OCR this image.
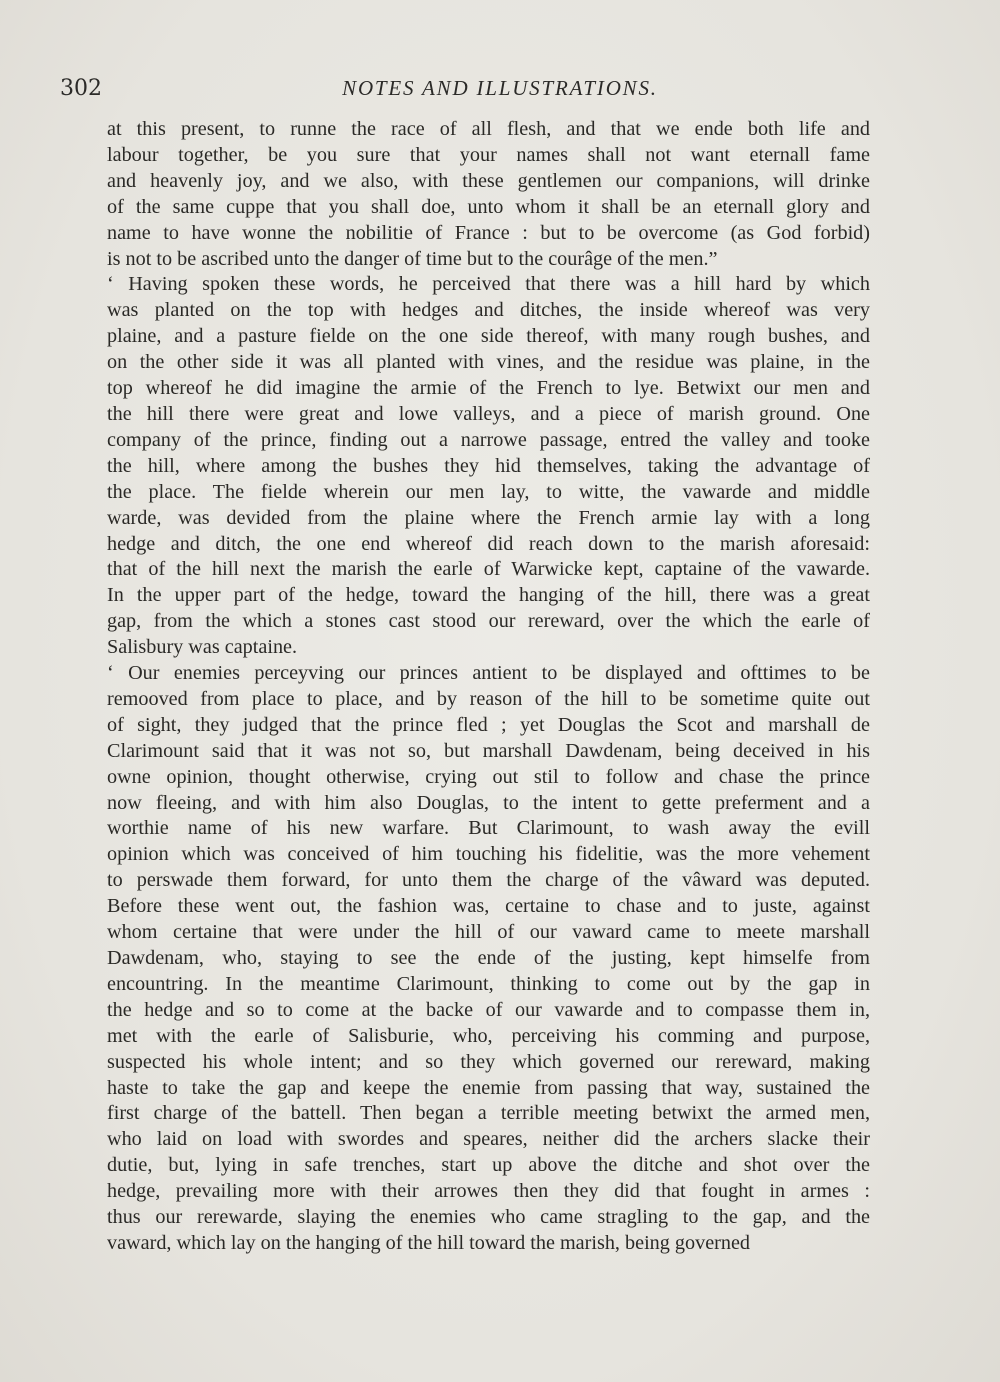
302	NOTES AND ILLUSTRATIONS.

at this present, to runne the race of all flesh, and that we ende both life and

labour together, be you sure that your names shall not want eternall fame

and heavenly joy, and we also, with these gentlemen our companions, will drinke

of the same cuppe that you shall doe, unto whom it shall be an eternall glory and

name to have wonne the nobilitie of France : but to be overcome (as God forbid)

is not to be ascribed unto the danger of time but to the courâge of the men.”

‘ Having spoken these words, he perceived that there was a hill hard by which

was planted on the top with hedges and ditches, the inside whereof was very

plaine, and a pasture fielde on the one side thereof, with many rough bushes, and

on the other side it was all planted with vines, and the residue was plaine, in the

top whereof he did imagine the armie of the French to lye. Betwixt our men and

the hill there were great and lowe valleys, and a piece of marish ground. One

company of the prince, finding out a narrowe passage, entred the valley and tooke

the hill, where among the bushes they hid themselves, taking the advantage of

the place. The fielde wherein our men lay, to witte, the vawarde and middle

warde, was devided from the plaine where the French armie lay with a long

hedge and ditch, the one end whereof did reach down to the marish aforesaid:

that of the hill next the marish the earle of Warwicke kept, captaine of the vawarde.

In the upper part of the hedge, toward the hanging of the hill, there was a great

gap, from the which a stones cast stood our rereward, over the which the earle of

Salisbury was captaine.

‘ Our enemies perceyving our princes antient to be displayed and ofttimes to be

remooved from place to place, and by reason of the hill to be sometime quite out

of sight, they judged that the prince fled ; yet Douglas the Scot and marshall de

Clarimount said that it was not so, but marshall Dawdenam, being deceived in his

owne opinion, thought otherwise, crying out stil to follow and chase the prince

now fleeing, and with him also Douglas, to the intent to gette preferment and a

worthie name of his new warfare. But Clarimount, to wash away the evill

opinion which was conceived of him touching his fidelitie, was the more vehement

to perswade them forward, for unto them the charge of the vâward was deputed.

Before these went out, the fashion was, certaine to chase and to juste, against

whom certaine that were under the hill of our vaward came to meete marshall

Dawdenam, who, staying to see the ende of the justing, kept himselfe from

encountring. In the meantime Clarimount, thinking to come out by the gap in

the hedge and so to come at the backe of our vawarde and to compasse them in,

met with the earle of Salisburie, who, perceiving his comming and purpose,

suspected his whole intent; and so they which governed our rereward, making

haste to take the gap and keepe the enemie from passing that way, sustained the

first charge of the battell. Then began a terrible meeting betwixt the armed men,

who laid on load with swordes and speares, neither did the archers slacke their

dutie, but, lying in safe trenches, start up above the ditche and shot over the

hedge, prevailing more with their arrowes then they did that fought in armes :

thus our rerewarde, slaying the enemies who came stragling to the gap, and the

vaward, which lay on the hanging of the hill toward the marish, being governed
